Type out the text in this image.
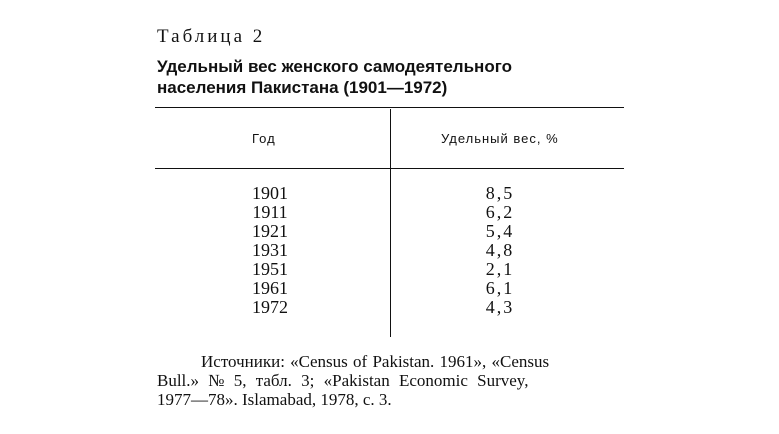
Таблица 2
Удельный вес женского самодеятельного
населения Пакистана (1901—1972)
Год	Удельный вес, %
1901
1911
1921
1931
1951
1961
1972
8,5
6,2
5,4
4,8
2,1
6,1
4,3
Источники: «Census of Pakistan. 1961», «Census
Bull.» № 5, табл. 3; «Pakistan Economic Survey,
1977—78». Islamabad, 1978, с. 3.
